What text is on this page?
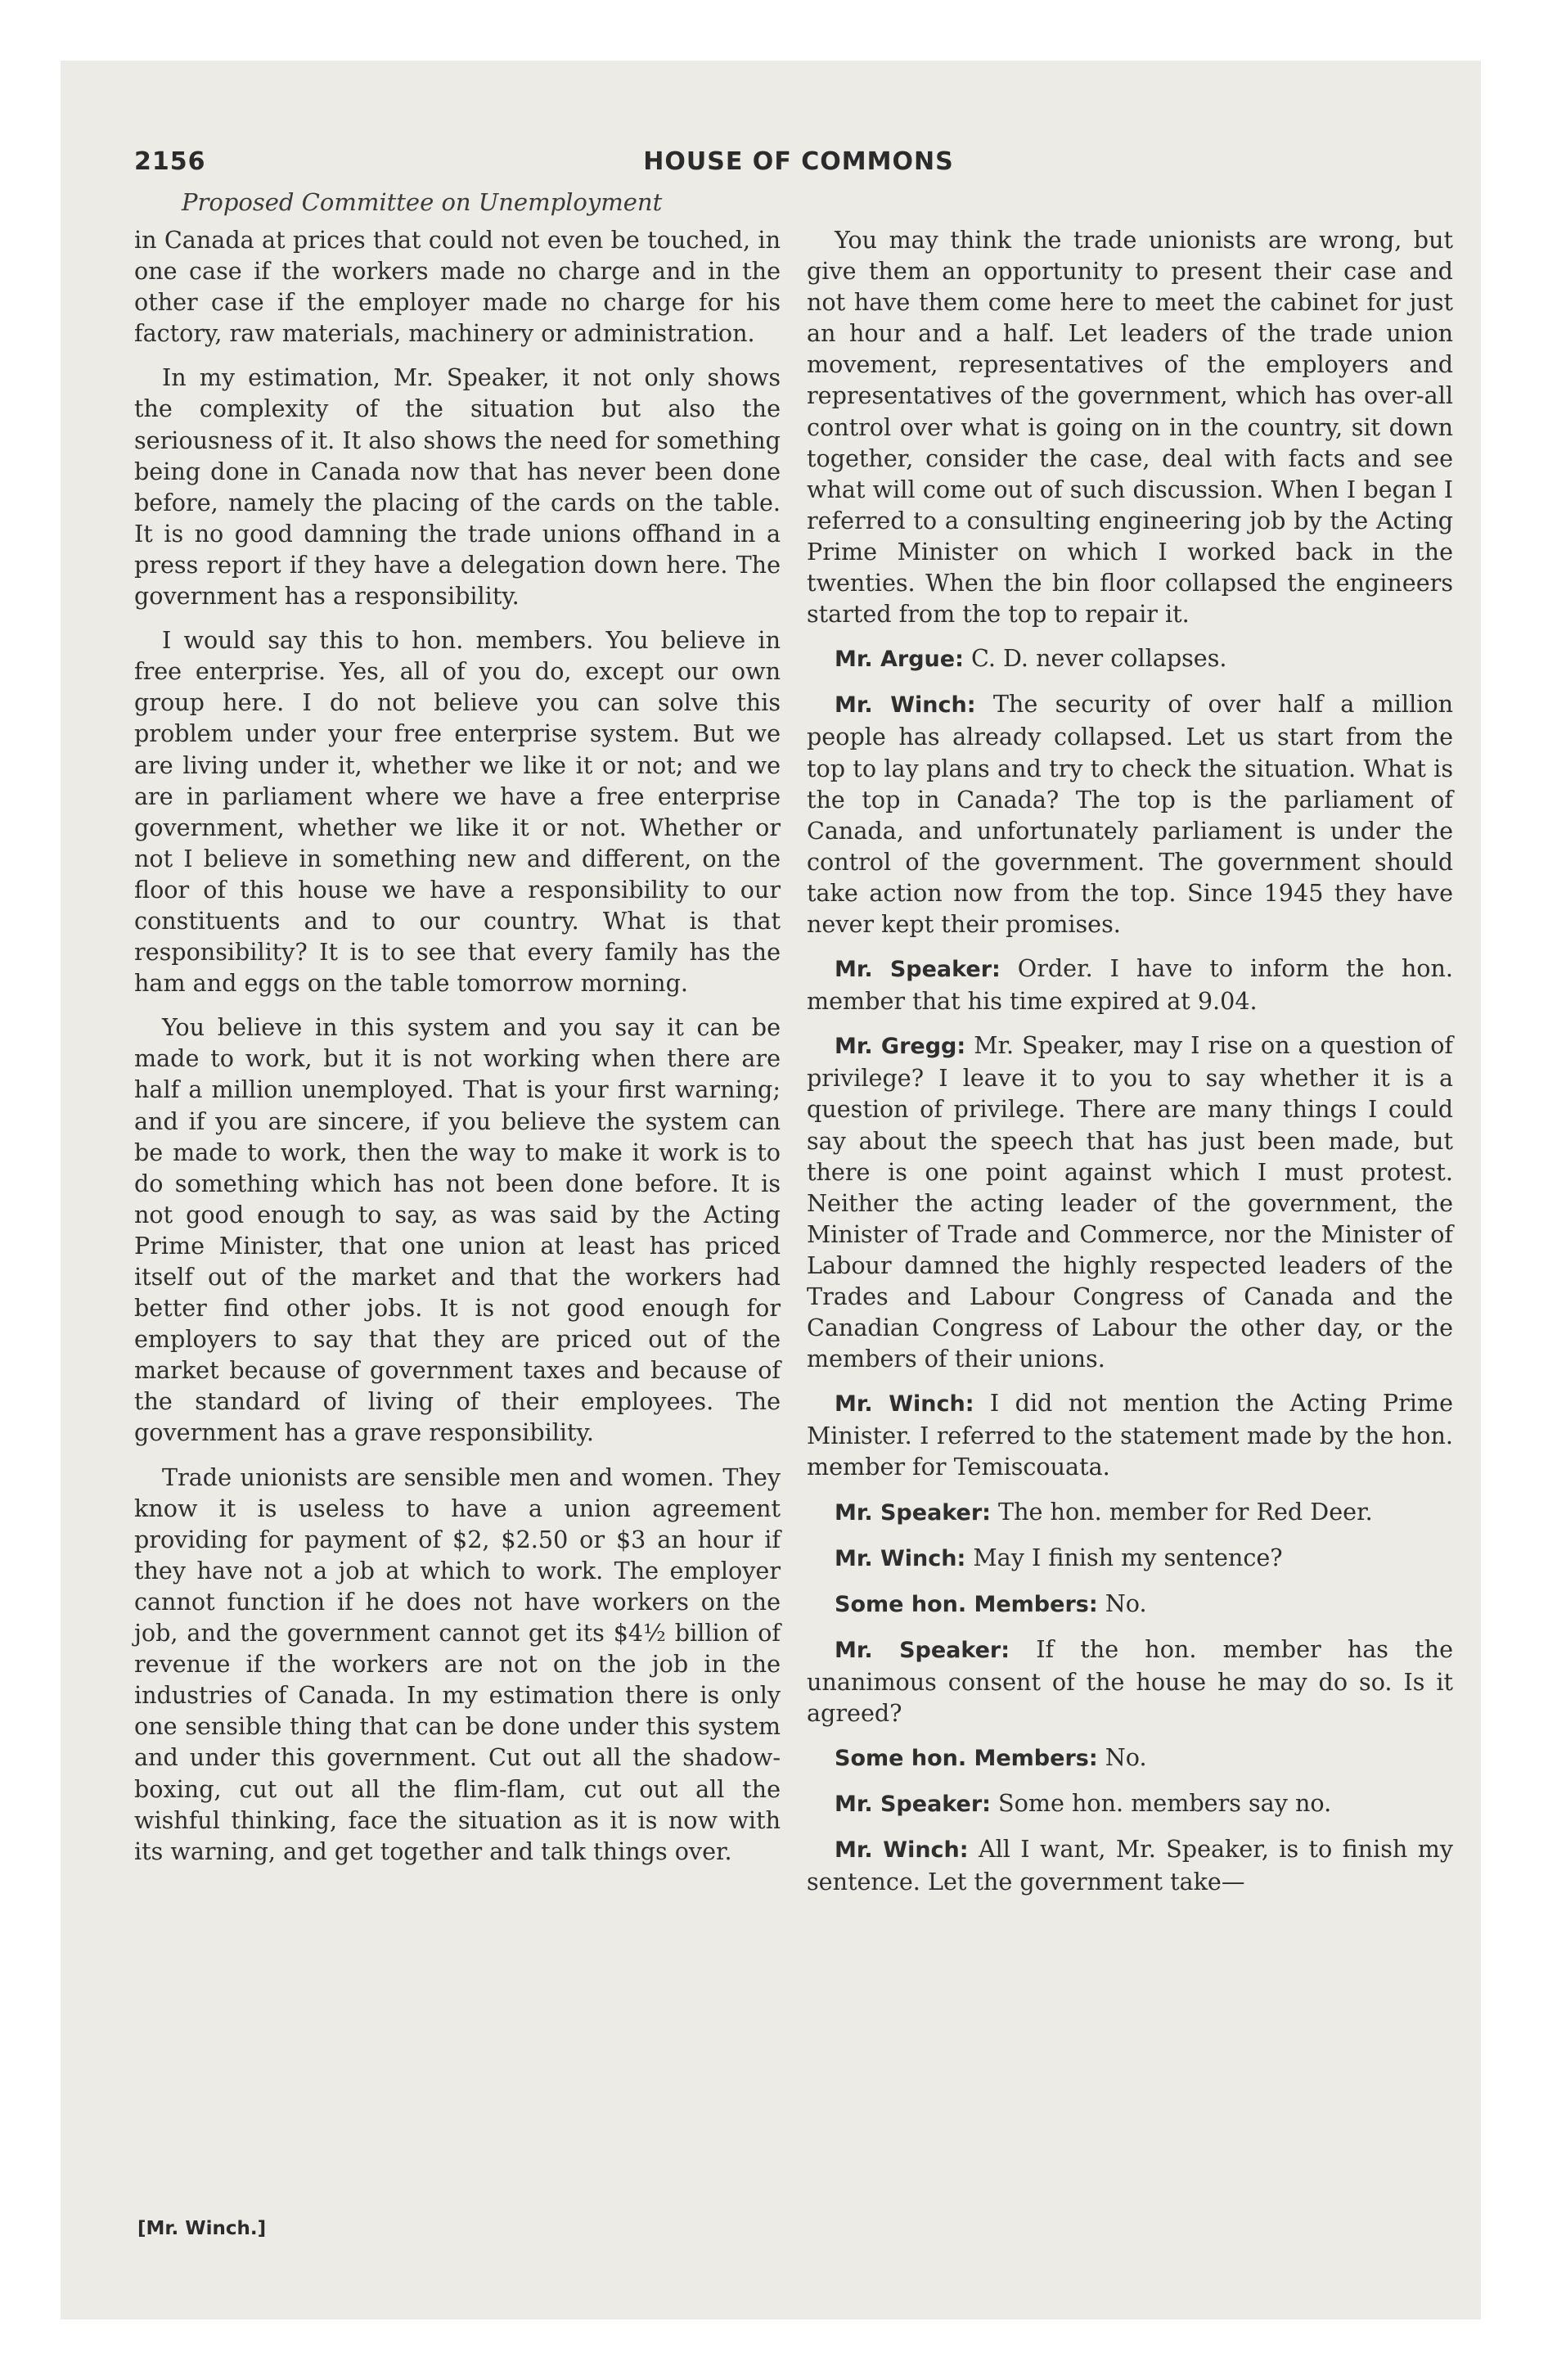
2156	HOUSE OF COMMONS
Proposed Committee on Unemployment

in Canada at prices that could not even be touched, in one case if the workers made no charge and in the other case if the employer made no charge for his factory, raw materials, machinery or administration.

In my estimation, Mr. Speaker, it not only shows the complexity of the situation but also the seriousness of it. It also shows the need for something being done in Canada now that has never been done before, namely the placing of the cards on the table. It is no good damning the trade unions offhand in a press report if they have a delegation down here. The government has a responsibility.

I would say this to hon. members. You believe in free enterprise. Yes, all of you do, except our own group here. I do not believe you can solve this problem under your free enterprise system. But we are living under it, whether we like it or not; and we are in parliament where we have a free enterprise government, whether we like it or not. Whether or not I believe in something new and different, on the floor of this house we have a responsibility to our constituents and to our country. What is that responsibility? It is to see that every family has the ham and eggs on the table tomorrow morning.

You believe in this system and you say it can be made to work, but it is not working when there are half a million unemployed. That is your first warning; and if you are sincere, if you believe the system can be made to work, then the way to make it work is to do something which has not been done before. It is not good enough to say, as was said by the Acting Prime Minister, that one union at least has priced itself out of the market and that the workers had better find other jobs. It is not good enough for employers to say that they are priced out of the market because of government taxes and because of the standard of living of their employees. The government has a grave responsibility.

Trade unionists are sensible men and women. They know it is useless to have a union agreement providing for payment of $2, $2.50 or $3 an hour if they have not a job at which to work. The employer cannot function if he does not have workers on the job, and the government cannot get its $4½ billion of revenue if the workers are not on the job in the industries of Canada. In my estimation there is only one sensible thing that can be done under this system and under this government. Cut out all the shadow-boxing, cut out all the flim-flam, cut out all the wishful thinking, face the situation as it is now with its warning, and get together and talk things over.

You may think the trade unionists are wrong, but give them an opportunity to present their case and not have them come here to meet the cabinet for just an hour and a half. Let leaders of the trade union movement, representatives of the employers and representatives of the government, which has over-all control over what is going on in the country, sit down together, consider the case, deal with facts and see what will come out of such discussion. When I began I referred to a consulting engineering job by the Acting Prime Minister on which I worked back in the twenties. When the bin floor collapsed the engineers started from the top to repair it.

Mr. Argue: C. D. never collapses.

Mr. Winch: The security of over half a million people has already collapsed. Let us start from the top to lay plans and try to check the situation. What is the top in Canada? The top is the parliament of Canada, and unfortunately parliament is under the control of the government. The government should take action now from the top. Since 1945 they have never kept their promises.

Mr. Speaker: Order. I have to inform the hon. member that his time expired at 9.04.

Mr. Gregg: Mr. Speaker, may I rise on a question of privilege? I leave it to you to say whether it is a question of privilege. There are many things I could say about the speech that has just been made, but there is one point against which I must protest. Neither the acting leader of the government, the Minister of Trade and Commerce, nor the Minister of Labour damned the highly respected leaders of the Trades and Labour Congress of Canada and the Canadian Congress of Labour the other day, or the members of their unions.

Mr. Winch: I did not mention the Acting Prime Minister. I referred to the statement made by the hon. member for Temiscouata.

Mr. Speaker: The hon. member for Red Deer.

Mr. Winch: May I finish my sentence?

Some hon. Members: No.

Mr. Speaker: If the hon. member has the unanimous consent of the house he may do so. Is it agreed?

Some hon. Members: No.

Mr. Speaker: Some hon. members say no.

Mr. Winch: All I want, Mr. Speaker, is to finish my sentence. Let the government take—

[Mr. Winch.]
